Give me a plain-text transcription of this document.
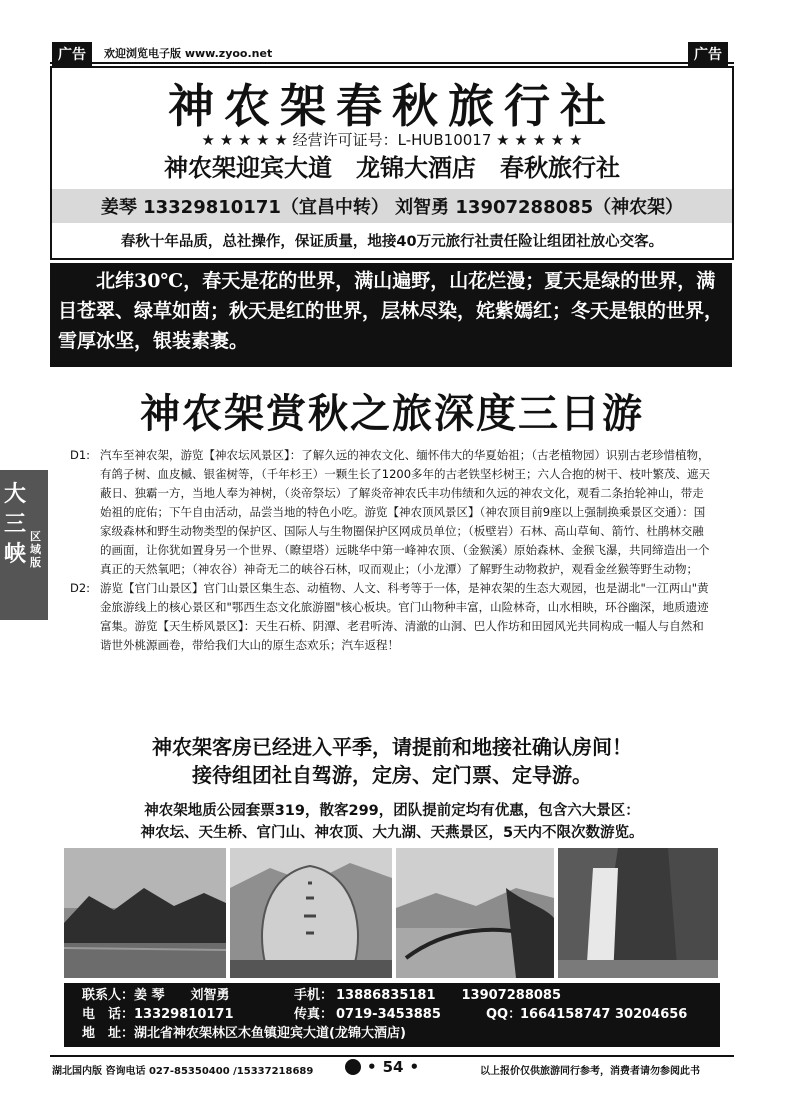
广告	欢迎浏览电子版 www.zyoo.net	广告
神农架春秋旅行社
★ ★ ★ ★ ★ 经营许可证号：L-HUB10017 ★ ★ ★ ★ ★
神农架迎宾大道　龙锦大酒店　春秋旅行社
姜琴 13329810171（宜昌中转） 刘智勇 13907288085（神农架）
春秋十年品质，总社操作，保证质量，地接40万元旅行社责任险让组团社放心交客。
北纬30℃，春天是花的世界，满山遍野，山花烂漫；夏天是绿的世界，满目苍翠、绿草如茵；秋天是红的世界，层林尽染，姹紫嫣红；冬天是银的世界，雪厚冰坚，银装素裹。
大三峡
区域版
神农架赏秋之旅深度三日游
D1: 汽车至神农架，游览【神农坛风景区】：了解久远的神农文化、缅怀伟大的华夏始祖；（古老植物园）识别古老珍惜植物，有鸽子树、血皮槭、银雀树等，（千年杉王）一颗生长了1200多年的古老铁坚杉树王；六人合抱的树干、枝叶繁茂、遮天蔽日、独霸一方，当地人奉为神树，（炎帝祭坛）了解炎帝神农氏丰功伟绩和久远的神农文化，观看二条抬轮神山，带走始祖的庇佑；下午自由活动，品尝当地的特色小吃。游览【神农顶风景区】（神农顶目前9座以上强制换乘景区交通）：国家级森林和野生动物类型的保护区、国际人与生物圈保护区网成员单位；（板壁岩）石林、高山草甸、箭竹、杜鹃林交融的画面，让你犹如置身另一个世界、（瞭望塔）远眺华中第一峰神农顶、（金猴溪）原始森林、金猴飞瀑，共同缔造出一个真正的天然氧吧；（神农谷）神奇无二的峡谷石林，叹而观止；（小龙潭）了解野生动物救护，观看金丝猴等野生动物；
D2: 游览【官门山景区】官门山景区集生态、动植物、人文、科考等于一体，是神农架的生态大观园，也是湖北"一江两山"黄金旅游线上的核心景区和"鄂西生态文化旅游圈"核心板块。官门山物种丰富，山险林奇，山水相映，环谷幽深，地质遗迹富集。游览【天生桥风景区】：天生石桥、阴潭、老君听涛、清澈的山洞、巴人作坊和田园风光共同构成一幅人与自然和谐世外桃源画卷，带给我们大山的原生态欢乐；汽车返程！
神农架客房已经进入平季，请提前和地接社确认房间！
接待组团社自驾游，定房、定门票、定导游。
神农架地质公园套票319，散客299，团队提前定均有优惠，包含六大景区：
神农坛、天生桥、官门山、神农顶、大九湖、天燕景区，5天内不限次数游览。
联系人： 姜 琴　　刘智勇	手机： 13886835181　　13907288085
电　话： 13329810171	传真： 0719-3453885	QQ：
1664158747 30204656
地　址： 湖北省神农架林区木鱼镇迎宾大道(龙锦大酒店)
湖北国内版 咨询电话 027-85350400 /15337218689	• 54 •	以上报价仅供旅游同行参考，消费者请勿参阅此书
